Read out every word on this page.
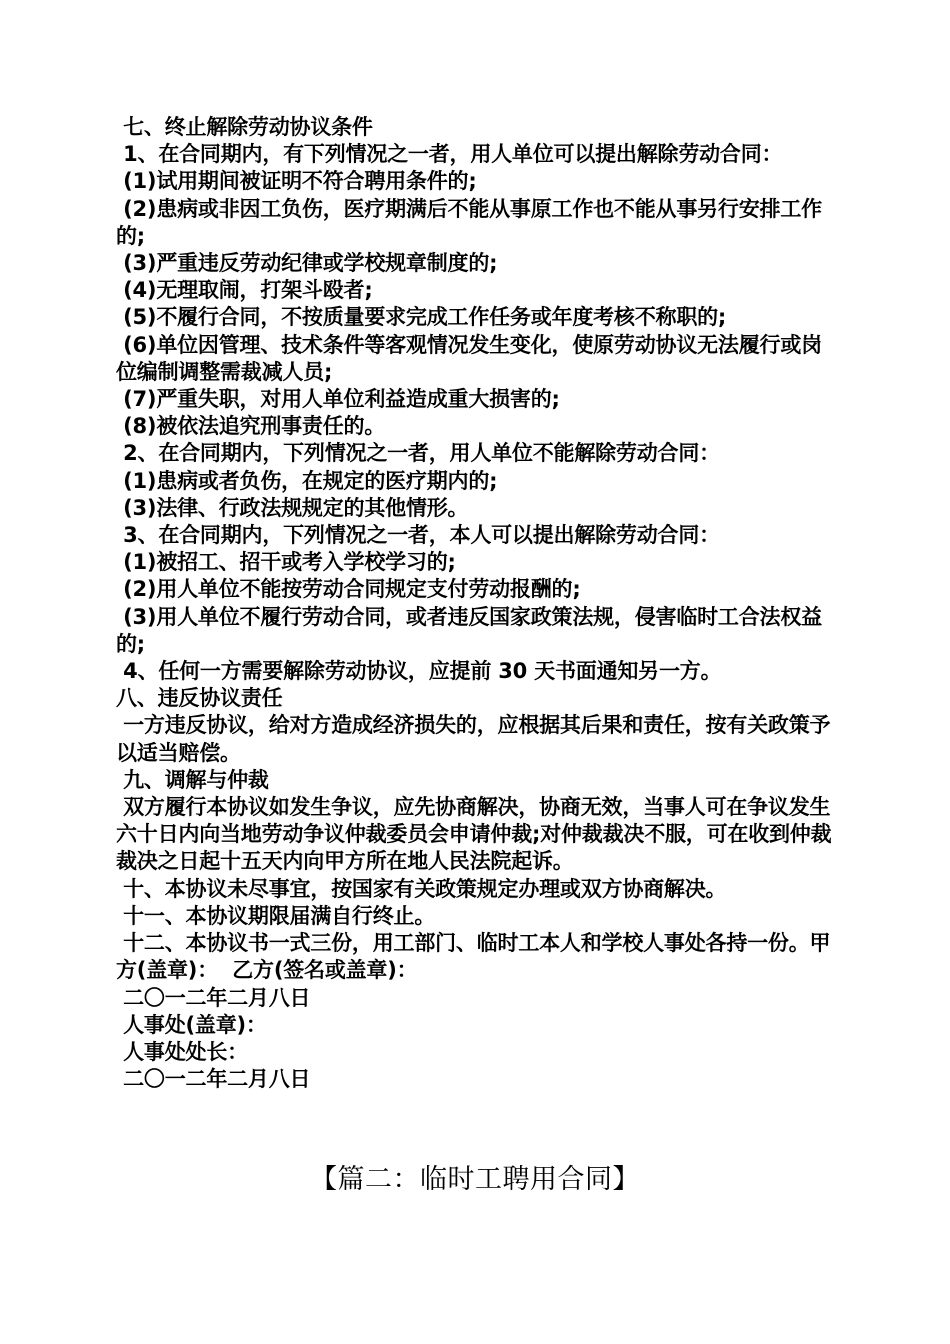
七、终止解除劳动协议条件

1、在合同期内，有下列情况之一者，用人单位可以提出解除劳动合同：

(1)试用期间被证明不符合聘用条件的;

(2)患病或非因工负伤，医疗期满后不能从事原工作也不能从事另行安排工作的;

(3)严重违反劳动纪律或学校规章制度的;

(4)无理取闹，打架斗殴者;

(5)不履行合同，不按质量要求完成工作任务或年度考核不称职的;

(6)单位因管理、技术条件等客观情况发生变化，使原劳动协议无法履行或岗位编制调整需裁减人员;

(7)严重失职，对用人单位利益造成重大损害的;

(8)被依法追究刑事责任的。

2、在合同期内，下列情况之一者，用人单位不能解除劳动合同：

(1)患病或者负伤，在规定的医疗期内的;

(3)法律、行政法规规定的其他情形。

3、在合同期内，下列情况之一者，本人可以提出解除劳动合同：

(1)被招工、招干或考入学校学习的;

(2)用人单位不能按劳动合同规定支付劳动报酬的;

(3)用人单位不履行劳动合同，或者违反国家政策法规，侵害临时工合法权益的;

4、任何一方需要解除劳动协议，应提前 30 天书面通知另一方。

八、违反协议责任

一方违反协议，给对方造成经济损失的，应根据其后果和责任，按有关政策予以适当赔偿。

九、调解与仲裁

双方履行本协议如发生争议，应先协商解决，协商无效，当事人可在争议发生六十日内向当地劳动争议仲裁委员会申请仲裁;对仲裁裁决不服，可在收到仲裁裁决之日起十五天内向甲方所在地人民法院起诉。

十、本协议未尽事宜，按国家有关政策规定办理或双方协商解决。

十一、本协议期限届满自行终止。

十二、本协议书一式三份，用工部门、临时工本人和学校人事处各持一份。甲方(盖章)：  乙方(签名或盖章)：

二〇一二年二月八日

人事处(盖章)：

人事处处长：

二〇一二年二月八日

【篇二：临时工聘用合同】
